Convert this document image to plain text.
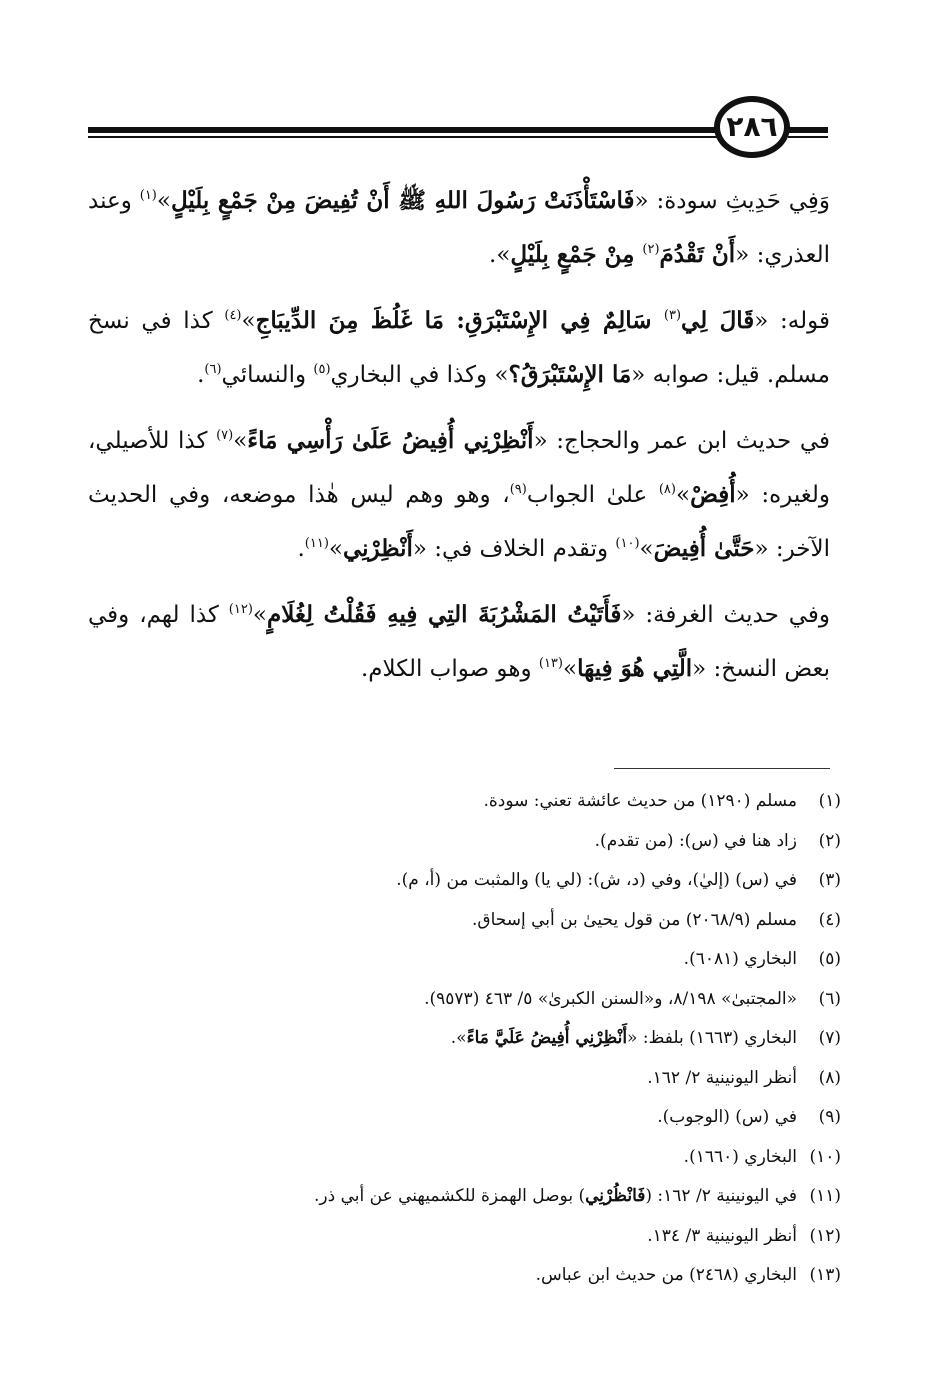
٢٨٦

وَفِي حَدِيثِ سودة: «فَاسْتَأْذَنَتْ رَسُولَ اللهِ ﷺ أَنْ تُفِيضَ مِنْ جَمْعٍ بِلَيْلٍ»$^{(١)}$ وعند العذري: «أَنْ تَقْدُمَ$^{(٢)}$ مِنْ جَمْعٍ بِلَيْلٍ».

قوله: «قَالَ لِي$^{(٣)}$ سَالِمٌ فِي الإِسْتَبْرَقِ: مَا غَلُظَ مِنَ الدِّيبَاجِ»$^{(٤)}$ كذا في نسخ مسلم. قيل: صوابه «مَا الإِسْتَبْرَقُ؟» وكذا في البخاري$^{(٥)}$ والنسائي$^{(٦)}$.

في حديث ابن عمر والحجاج: «أَنْظِرْنِي أُفِيضُ عَلَىٰ رَأْسِي مَاءً»$^{(٧)}$ كذا للأصيلي، ولغيره: «أُفِضْ»$^{(٨)}$ علىٰ الجواب$^{(٩)}$، وهو وهم ليس هٰذا موضعه، وفي الحديث الآخر: «حَتَّىٰ أُفِيضَ»$^{(١٠)}$ وتقدم الخلاف في: «أَنْظِرْنِي»$^{(١١)}$.

وفي حديث الغرفة: «فَأَتَيْتُ المَشْرُبَةَ التِي فِيهِ فَقُلْتُ لِغُلَامٍ»$^{(١٢)}$ كذا لهم، وفي بعض النسخ: «الَّتِي هُوَ فِيهَا»$^{(١٣)}$ وهو صواب الكلام.

(١)مسلم (١٢٩٠) من حديث عائشة تعني: سودة.
(٢)زاد هنا في (س): (من تقدم).
(٣)في (س) (إليٰ)، وفي (د، ش): (لي يا) والمثبت من (أ، م).
(٤)مسلم (٢٠٦٨/٩) من قول يحيىٰ بن أبي إسحاق.
(٥)البخاري (٦٠٨١).
(٦)«المجتبىٰ» ٨/١٩٨، و«السنن الكبرىٰ» ٥/ ٤٦٣ (٩٥٧٣).
(٧)البخاري (١٦٦٣) بلفظ: «أَنْظِرْنِي أُفِيضُ عَلَيَّ مَاءً».
(٨)أنظر اليونينية ٢/ ١٦٢.
(٩)في (س) (الوجوب).
(١٠)البخاري (١٦٦٠).
(١١)في اليونينية ٢/ ١٦٢: (فَانْظُرْنِي) بوصل الهمزة للكشميهني عن أبي ذر.
(١٢)أنظر اليونينية ٣/ ١٣٤.
(١٣)البخاري (٢٤٦٨) من حديث ابن عباس.
